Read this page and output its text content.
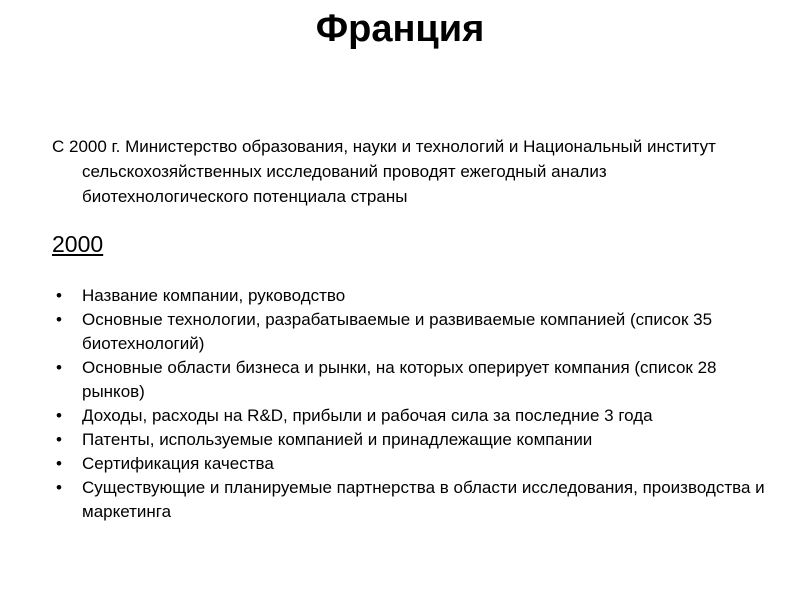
Франция
С 2000 г. Министерство образования, науки и технологий и Национальный институт сельскохозяйственных исследований проводят ежегодный анализ биотехнологического потенциала страны
2000
• Название компании, руководство
• Основные технологии, разрабатываемые и развиваемые компанией (список 35 биотехнологий)
• Основные области бизнеса и рынки, на которых оперирует компания (список 28 рынков)
• Доходы, расходы на R&D, прибыли и рабочая сила за последние 3 года
• Патенты, используемые компанией и принадлежащие компании
• Сертификация качества
• Существующие и планируемые партнерства в области исследования, производства и маркетинга
